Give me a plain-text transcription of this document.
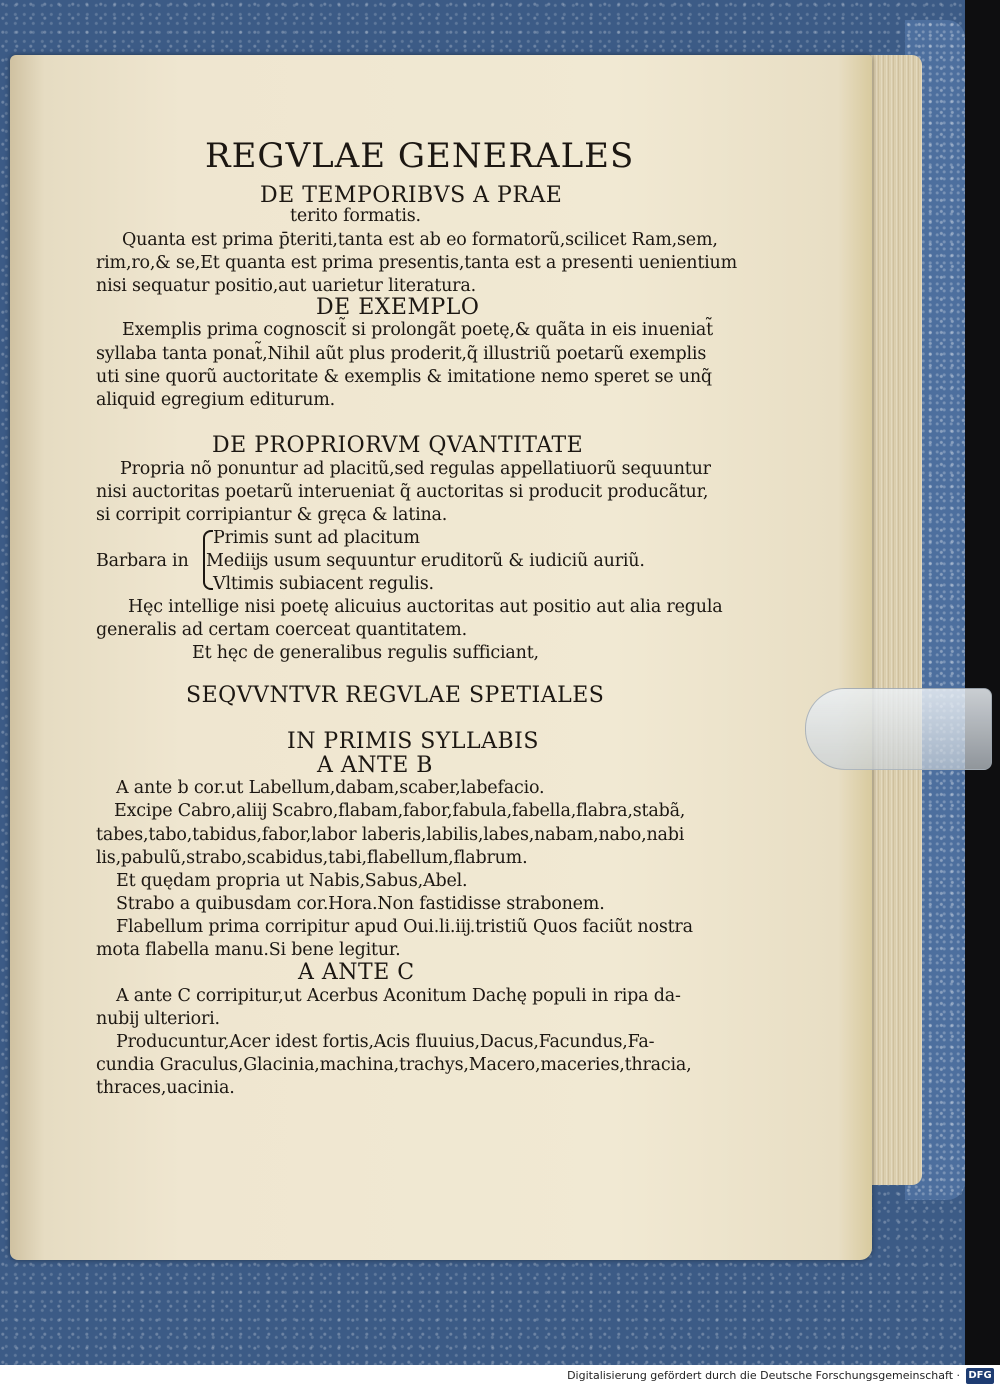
REGVLAE GENERALES
DE TEMPORIBVS A PRAE
terito formatis.
Quanta est prima p̄teriti,tanta est ab eo formatorũ,scilicet Ram,sem,
rim,ro,& se,Et quanta est prima presentis,tanta est a presenti uenientium
nisi sequatur positio,aut uarietur literatura.
DE EXEMPLO
Exemplis prima cognoscit̃ si prolongãt poetę,& quãta in eis inueniat̃
syllaba tanta ponat̃,Nihil aũt plus proderit,q̃ illustriũ poetarũ exemplis
uti sine quorũ auctoritate & exemplis & imitatione nemo speret se unq̃
aliquid egregium editurum.
DE PROPRIORVM QVANTITATE
Propria nõ ponuntur ad placitũ,sed regulas appellatiuorũ sequuntur
nisi auctoritas poetarũ interueniat q̃ auctoritas si producit producãtur,
si corripit corripiantur & gręca & latina.
Primis sunt ad placitum
Barbara in Mediĳs usum sequuntur eruditorũ & iudiciũ auriũ.
Vltimis subiacent regulis.
Hęc intellige nisi poetę alicuius auctoritas aut positio aut alia regula
generalis ad certam coerceat quantitatem.
Et hęc de generalibus regulis sufficiant,
SEQVVNTVR REGVLAE SPETIALES
IN PRIMIS SYLLABIS
A ANTE B
A ante b cor.ut Labellum,dabam,scaber,labefacio.
Excipe Cabro,aliĳ Scabro,flabam,fabor,fabula,fabella,flabra,stabã,
tabes,tabo,tabidus,fabor,labor laberis,labilis,labes,nabam,nabo,nabi
lis,pabulũ,strabo,scabidus,tabi,flabellum,flabrum.
Et quędam propria ut Nabis,Sabus,Abel.
Strabo a quibusdam cor.Hora.Non fastidisse strabonem.
Flabellum prima corripitur apud Oui.li.iĳ.tristiũ Quos faciũt nostra
mota flabella manu.Si bene legitur.
A ANTE C
A ante C corripitur,ut Acerbus Aconitum Dachę populi in ripa da-
nubĳ ulteriori.
Producuntur,Acer idest fortis,Acis fluuius,Dacus,Facundus,Fa-
cundia Graculus,Glacinia,machina,trachys,Macero,maceries,thracia,
thraces,uacinia.
Digitalisierung gefördert durch die Deutsche Forschungsgemeinschaft · DFG
